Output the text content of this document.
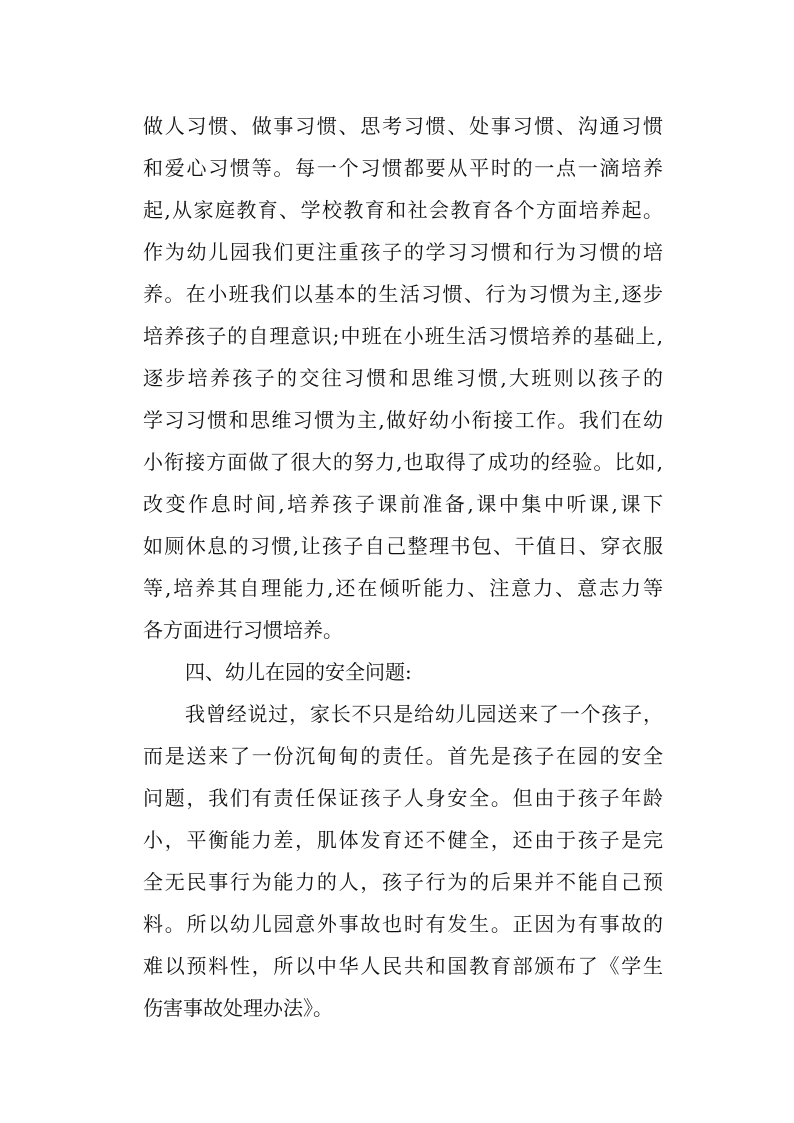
做人习惯、做事习惯、思考习惯、处事习惯、沟通习惯
和爱心习惯等。每一个习惯都要从平时的一点一滴培养
起,从家庭教育、学校教育和社会教育各个方面培养起。
作为幼儿园我们更注重孩子的学习习惯和行为习惯的培
养。在小班我们以基本的生活习惯、行为习惯为主,逐步
培养孩子的自理意识;中班在小班生活习惯培养的基础上,
逐步培养孩子的交往习惯和思维习惯,大班则以孩子的
学习习惯和思维习惯为主,做好幼小衔接工作。我们在幼
小衔接方面做了很大的努力,也取得了成功的经验。比如,
改变作息时间,培养孩子课前准备,课中集中听课,课下
如厕休息的习惯,让孩子自己整理书包、干值日、穿衣服
等,培养其自理能力,还在倾听能力、注意力、意志力等
各方面进行习惯培养。
四、幼儿在园的安全问题:
我曾经说过，家长不只是给幼儿园送来了一个孩子，
而是送来了一份沉甸甸的责任。首先是孩子在园的安全
问题，我们有责任保证孩子人身安全。但由于孩子年龄
小，平衡能力差，肌体发育还不健全，还由于孩子是完
全无民事行为能力的人，孩子行为的后果并不能自己预
料。所以幼儿园意外事故也时有发生。正因为有事故的
难以预料性，所以中华人民共和国教育部颁布了《学生
伤害事故处理办法》。
